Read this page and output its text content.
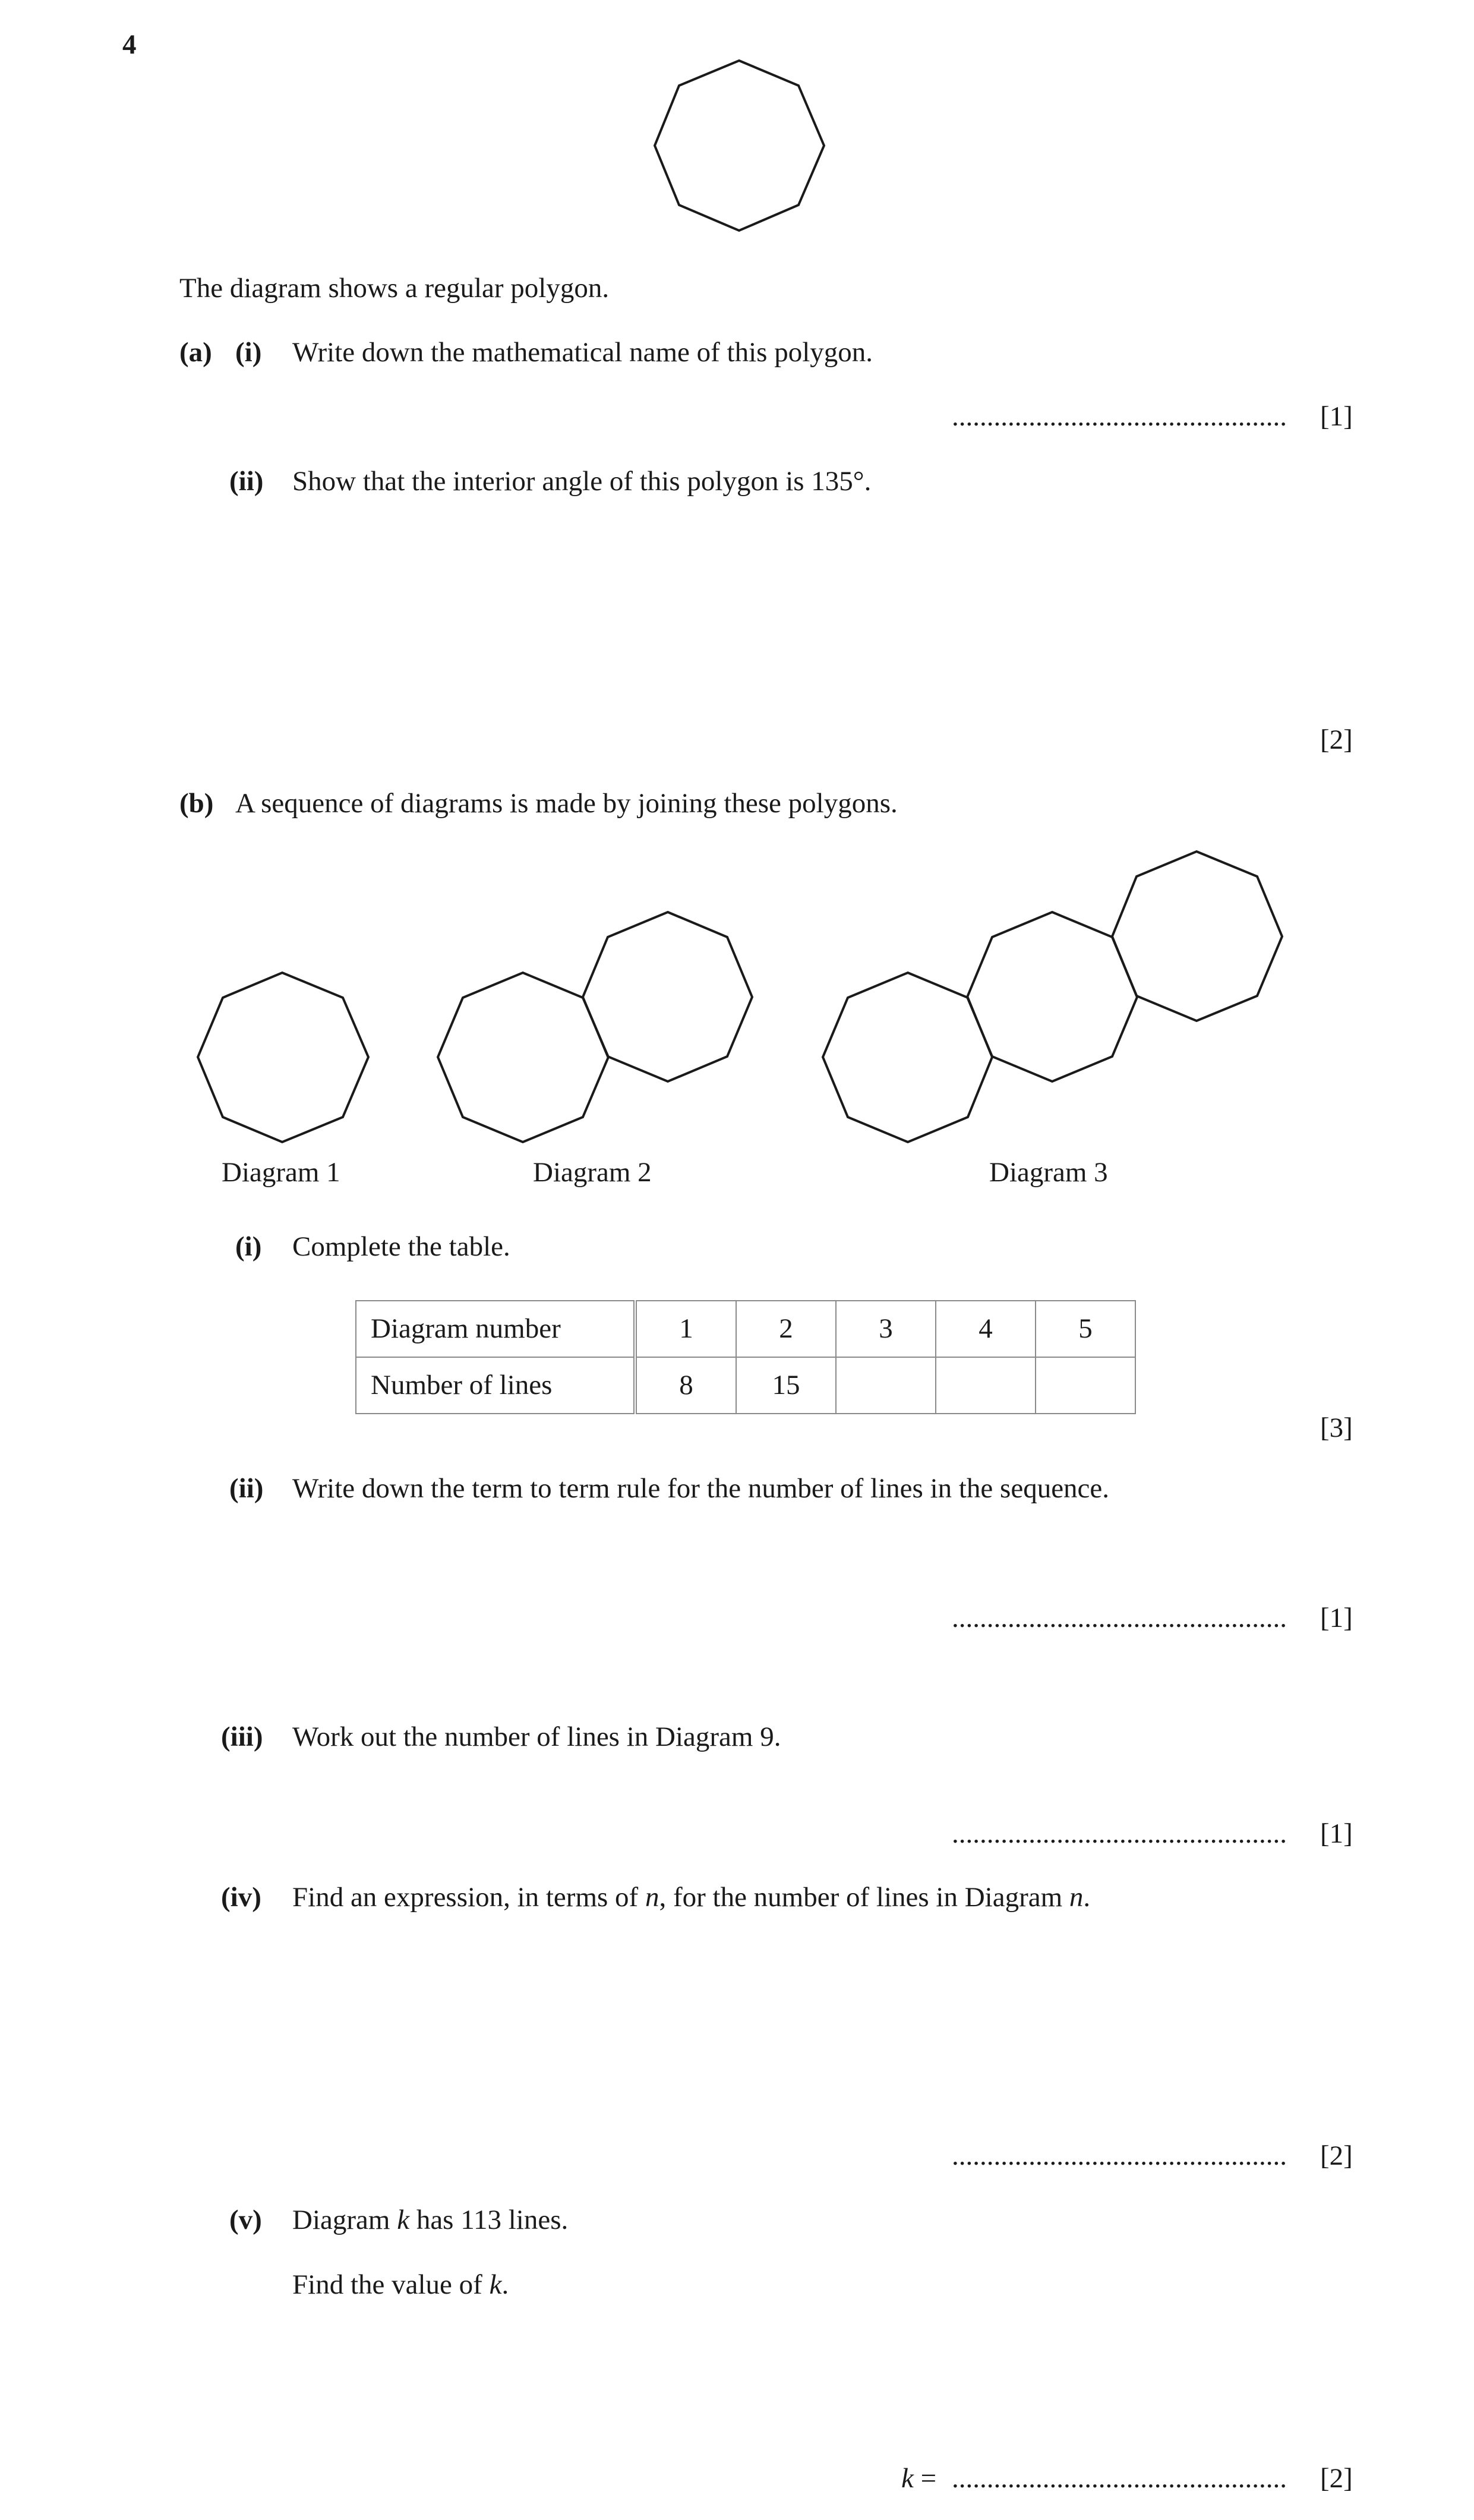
4
The diagram shows a regular polygon.
(a) (i) Write down the mathematical name of this polygon.
................................................ [1]
(ii) Show that the interior angle of this polygon is 135°.
[2]
(b) A sequence of diagrams is made by joining these polygons.
Diagram 1	Diagram 2	Diagram 3
(i) Complete the table.
Diagram number	1	2	3	4	5
Number of lines	8	15			
[3]
(ii) Write down the term to term rule for the number of lines in the sequence.
................................................ [1]
(iii) Work out the number of lines in Diagram 9.
................................................ [1]
(iv) Find an expression, in terms of n, for the number of lines in Diagram n.
................................................ [2]
(v) Diagram k has 113 lines.
Find the value of k.
k = ................................................ [2]
